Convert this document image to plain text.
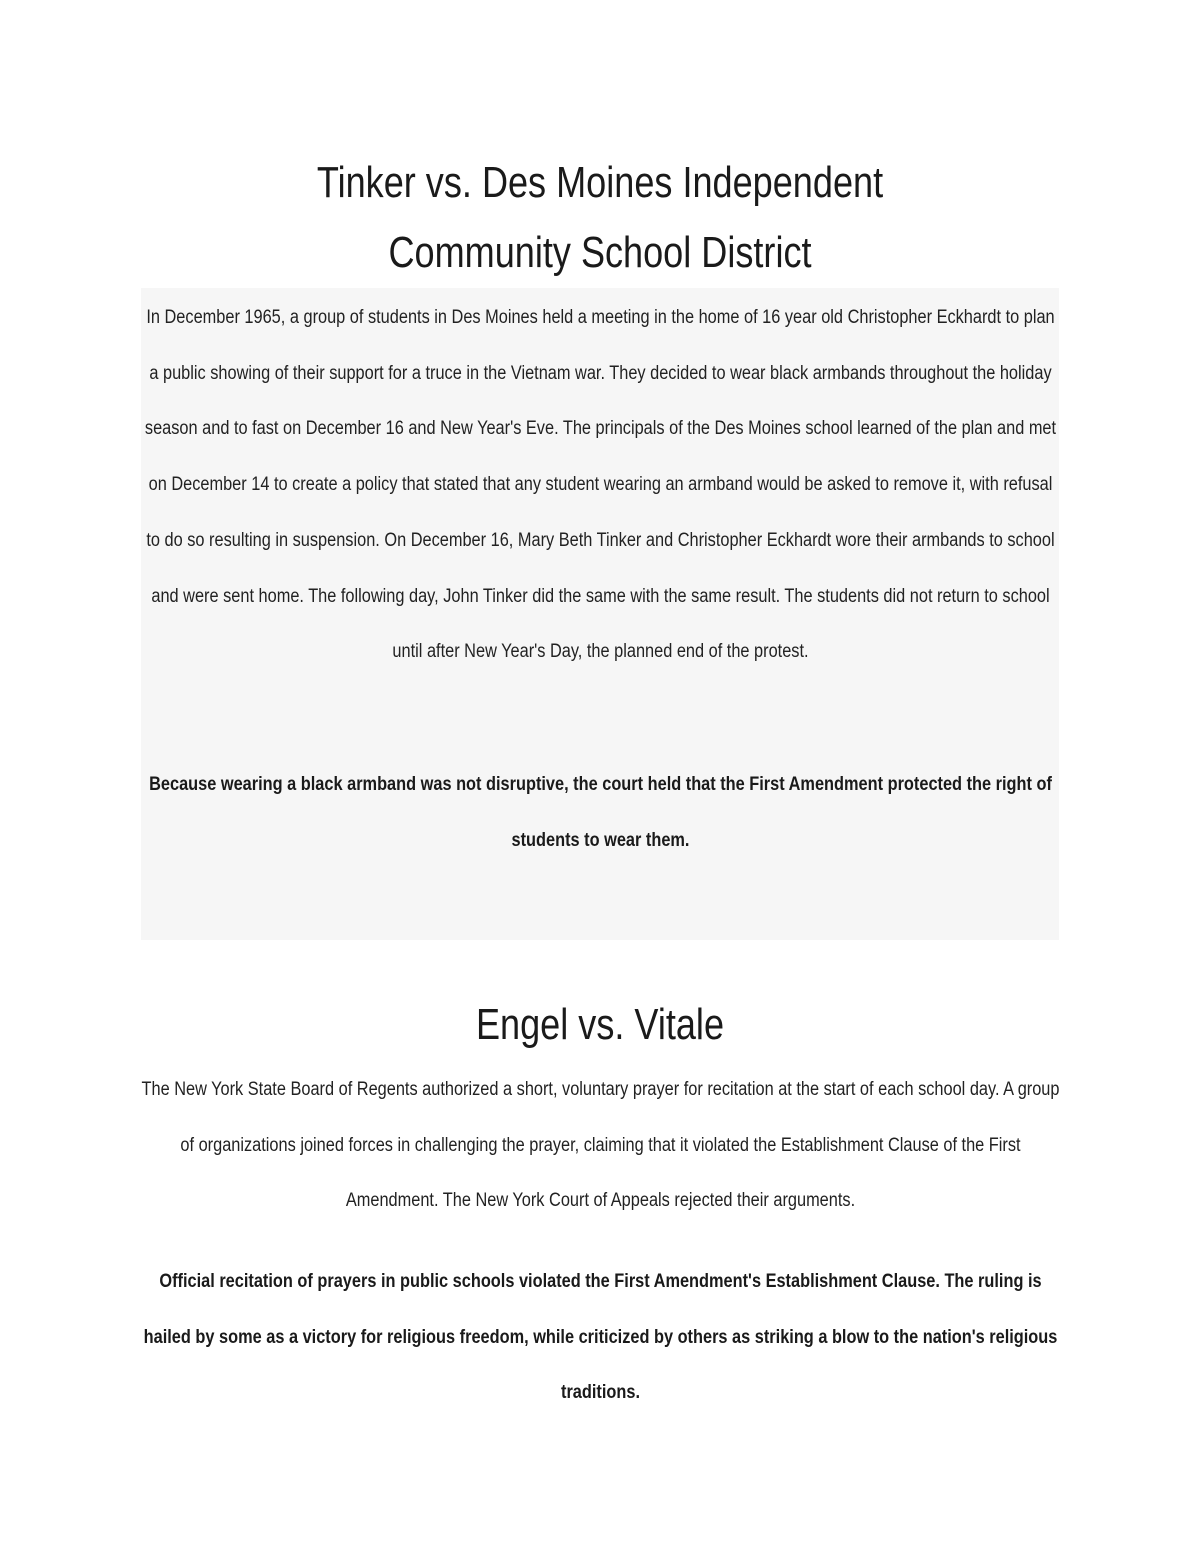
Tinker vs. Des Moines Independent Community School District

In December 1965, a group of students in Des Moines held a meeting in the home of 16 year old Christopher Eckhardt to plan a public showing of their support for a truce in the Vietnam war. They decided to wear black armbands throughout the holiday season and to fast on December 16 and New Year's Eve. The principals of the Des Moines school learned of the plan and met on December 14 to create a policy that stated that any student wearing an armband would be asked to remove it, with refusal to do so resulting in suspension. On December 16, Mary Beth Tinker and Christopher Eckhardt wore their armbands to school and were sent home. The following day, John Tinker did the same with the same result. The students did not return to school until after New Year's Day, the planned end of the protest.

Because wearing a black armband was not disruptive, the court held that the First Amendment protected the right of students to wear them.

Engel vs. Vitale

The New York State Board of Regents authorized a short, voluntary prayer for recitation at the start of each school day. A group of organizations joined forces in challenging the prayer, claiming that it violated the Establishment Clause of the First Amendment. The New York Court of Appeals rejected their arguments.

Official recitation of prayers in public schools violated the First Amendment's Establishment Clause. The ruling is hailed by some as a victory for religious freedom, while criticized by others as striking a blow to the nation's religious traditions.
